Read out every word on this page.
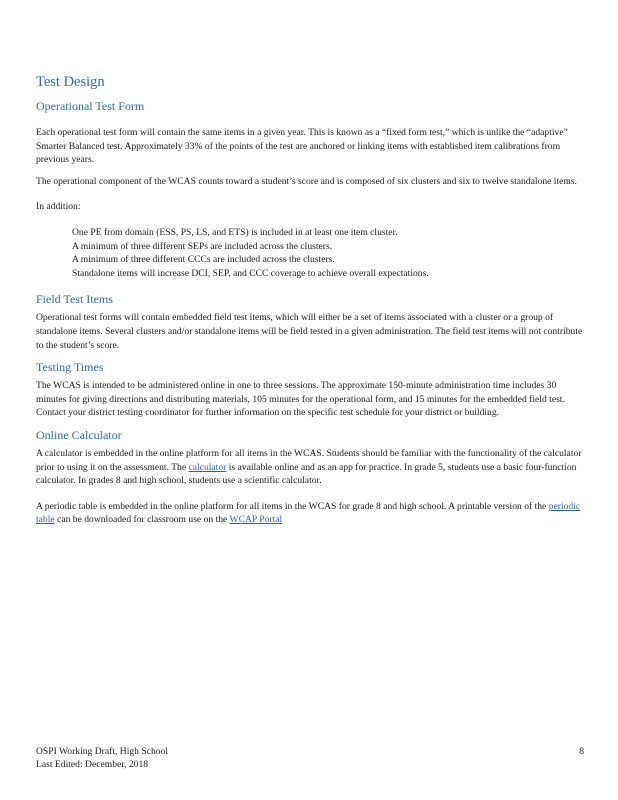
Test Design
Operational Test Form

Each operational test form will contain the same items in a given year. This is known as a “fixed form test,” which is unlike the “adaptive” Smarter Balanced test. Approximately 33% of the points of the test are anchored or linking items with established item calibrations from previous years.

The operational component of the WCAS counts toward a student’s score and is composed of six clusters and six to twelve standalone items.

In addition:

One PE from domain (ESS, PS, LS, and ETS) is included in at least one item cluster.
A minimum of three different SEPs are included across the clusters.
A minimum of three different CCCs are included across the clusters.
Standalone items will increase DCI, SEP, and CCC coverage to achieve overall expectations.
Field Test Items

Operational test forms will contain embedded field test items, which will either be a set of items associated with a cluster or a group of standalone items. Several clusters and/or standalone items will be field tested in a given administration. The field test items will not contribute to the student’s score.

Testing Times

The WCAS is intended to be administered online in one to three sessions. The approximate 150-minute administration time includes 30 minutes for giving directions and distributing materials, 105 minutes for the operational form, and 15 minutes for the embedded field test. Contact your district testing coordinator for further information on the specific test schedule for your district or building.

Online Calculator

A calculator is embedded in the online platform for all items in the WCAS. Students should be familiar with the functionality of the calculator prior to using it on the assessment. The calculator is available online and as an app for practice. In grade 5, students use a basic four-function calculator. In grades 8 and high school, students use a scientific calculator.

A periodic table is embedded in the online platform for all items in the WCAS for grade 8 and high school. A printable version of the periodic table can be downloaded for classroom use on the WCAP Portal

OSPI Working Draft, High School
Last Edited: December, 2018
8
